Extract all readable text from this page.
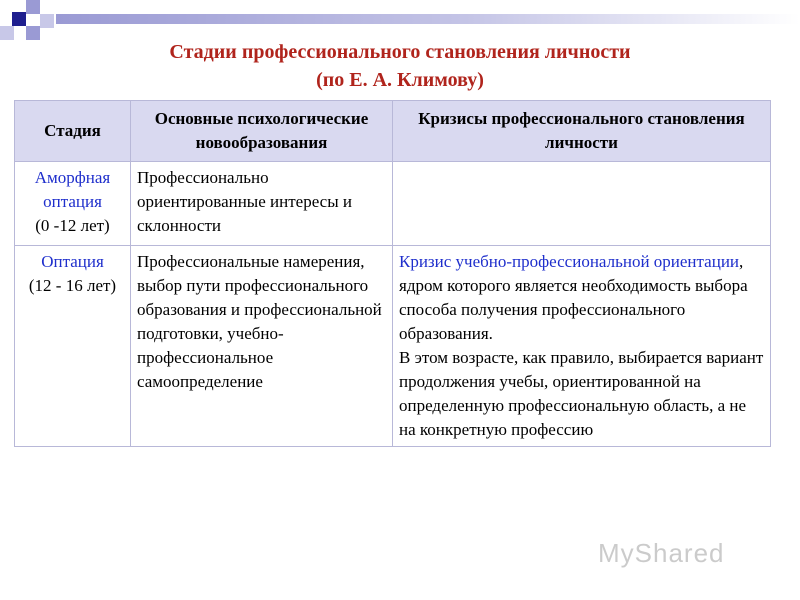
Стадии профессионального становления личности
(по Е. А. Климову)
Стадия	Основные психологические новообразования	Кризисы профессионального становления личности

Аморфная оптация
(0 -12 лет)	Профессионально ориентированные интересы и склонности	

Оптация
(12 - 16 лет)	Профессиональные намерения, выбор пути профессионального образования и профессиональной подготовки, учебно-профессиональное самоопределение	Кризис учебно-профессиональной ориентации, ядром которого является необходимость выбора способа получения профессионального образования.
В этом возрасте, как правило, выбирается вариант продолжения учебы, ориентированной на определенную профессиональную область, а не на конкретную профессию
MyShared
